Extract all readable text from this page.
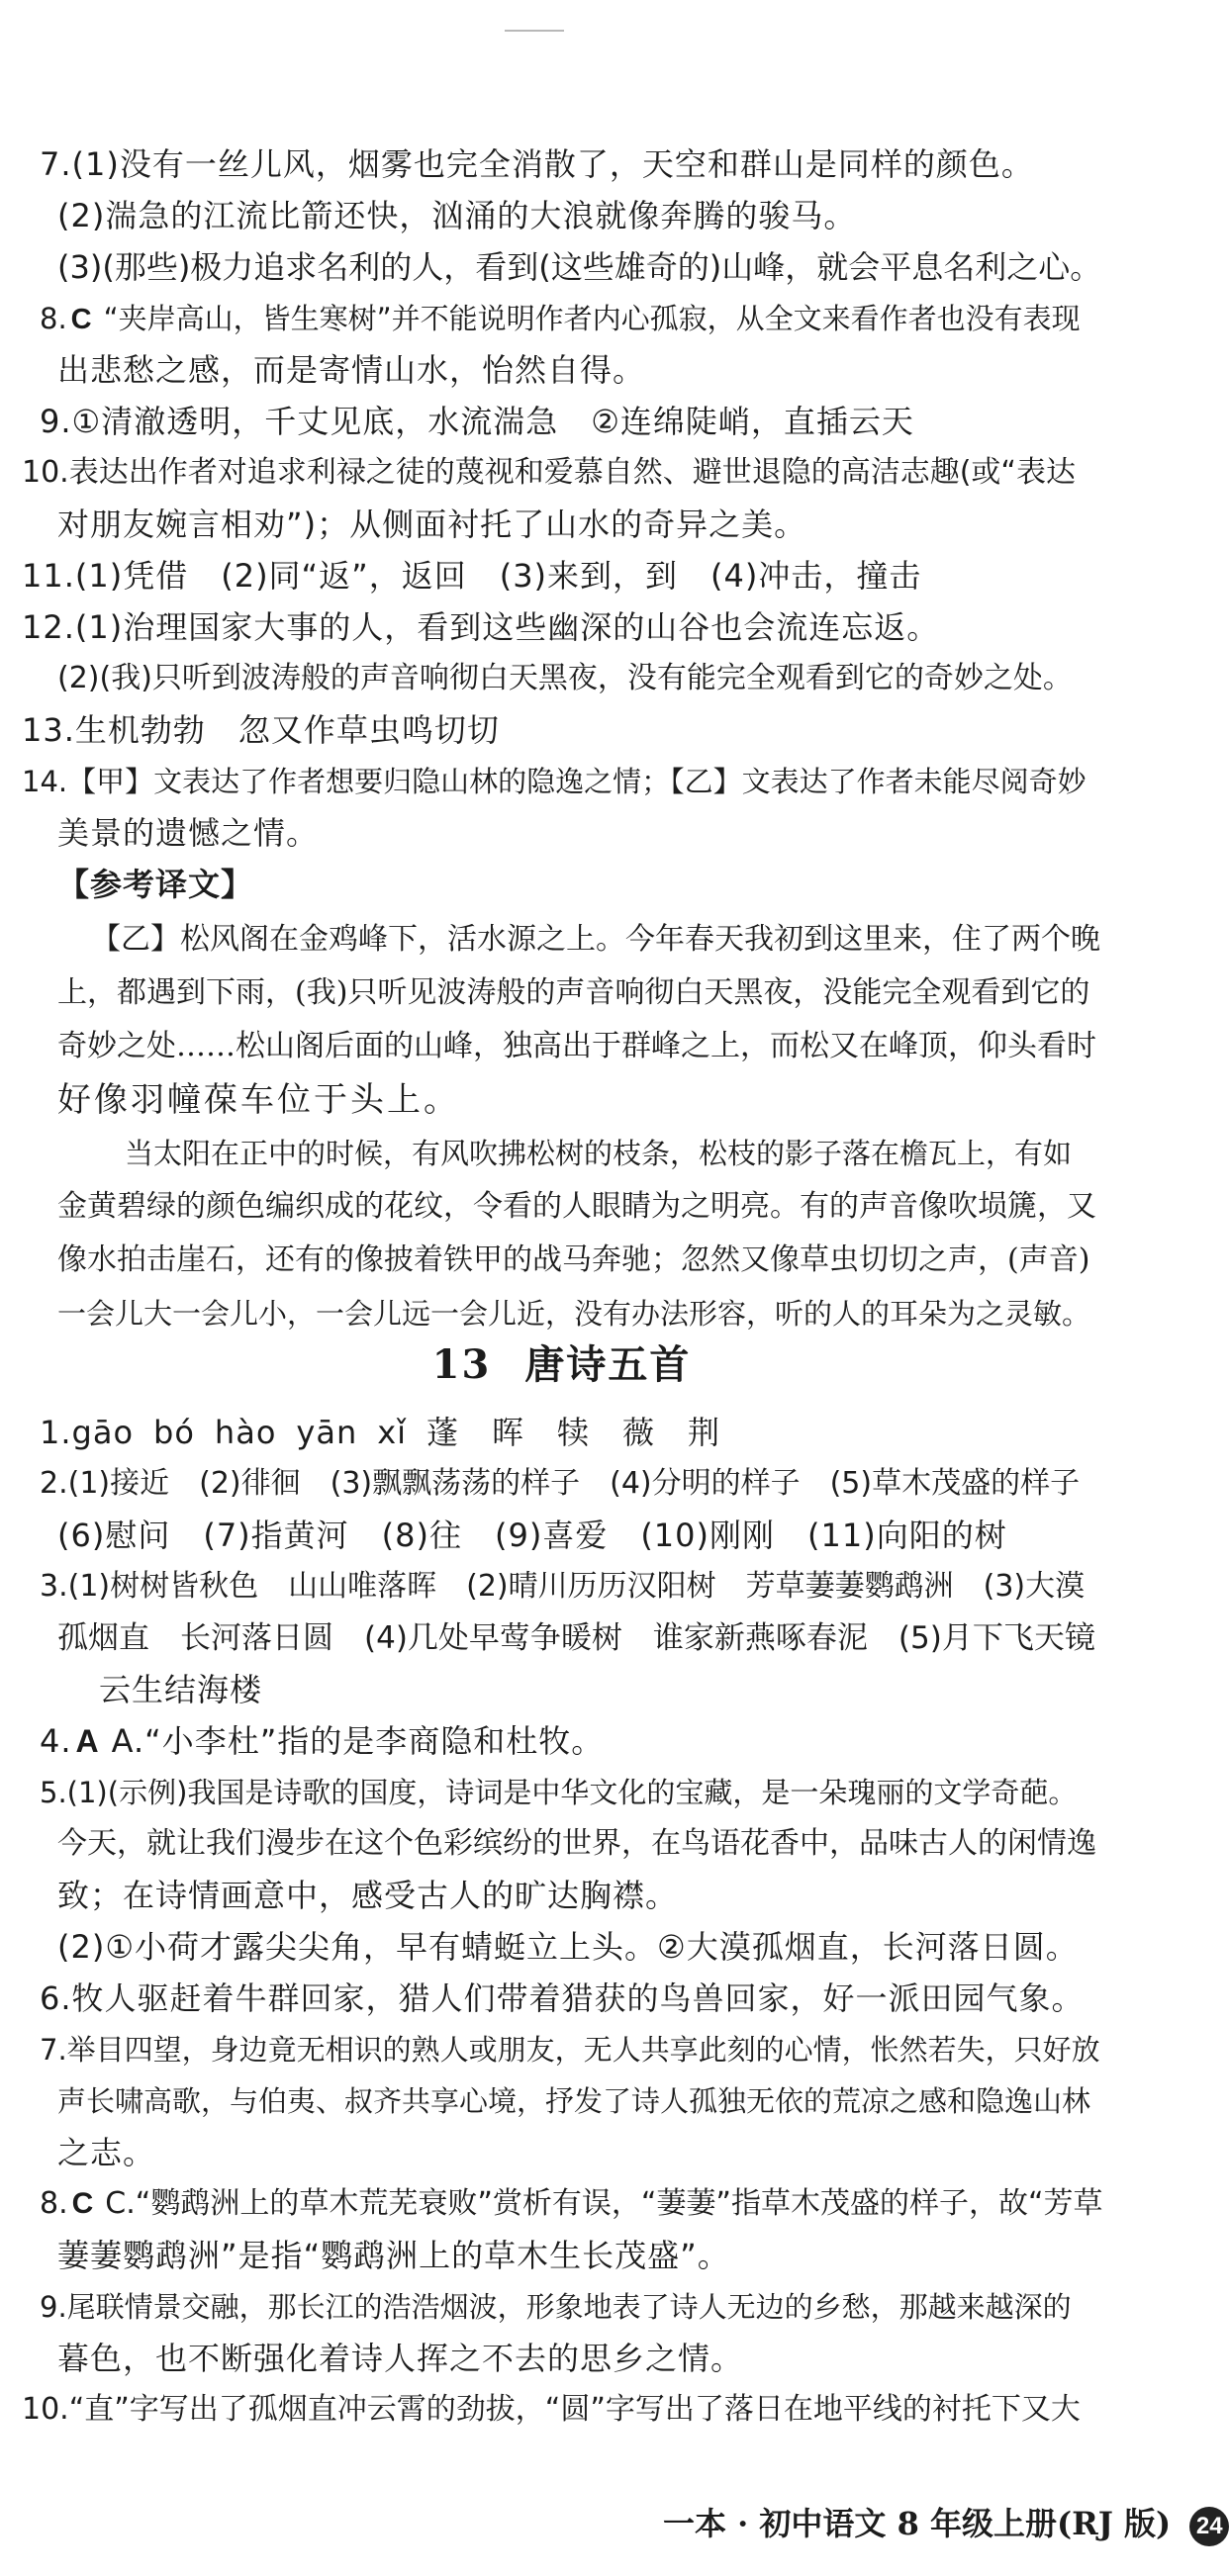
7.(1)没有一丝儿风，烟雾也完全消散了，天空和群山是同样的颜色。
(2)湍急的江流比箭还快，汹涌的大浪就像奔腾的骏马。
(3)(那些)极力追求名利的人，看到(这些雄奇的)山峰，就会平息名利之心。
8. C “夹岸高山，皆生寒树”并不能说明作者内心孤寂，从全文来看作者也没有表现
出悲愁之感，而是寄情山水，怡然自得。
9.①清澈透明，千丈见底，水流湍急　②连绵陡峭，直插云天
10.表达出作者对追求利禄之徒的蔑视和爱慕自然、避世退隐的高洁志趣(或“表达
对朋友婉言相劝”)；从侧面衬托了山水的奇异之美。
11.(1)凭借　(2)同“返”，返回　(3)来到，到　(4)冲击，撞击
12.(1)治理国家大事的人，看到这些幽深的山谷也会流连忘返。
(2)(我)只听到波涛般的声音响彻白天黑夜，没有能完全观看到它的奇妙之处。
13.生机勃勃　忽又作草虫鸣切切
14.【甲】文表达了作者想要归隐山林的隐逸之情；【乙】文表达了作者未能尽阅奇妙
美景的遗憾之情。
【参考译文】
【乙】松风阁在金鸡峰下，活水源之上。今年春天我初到这里来，住了两个晚
上，都遇到下雨，(我)只听见波涛般的声音响彻白天黑夜，没能完全观看到它的
奇妙之处……松山阁后面的山峰，独高出于群峰之上，而松又在峰顶，仰头看时
好像羽幢葆车位于头上。
当太阳在正中的时候，有风吹拂松树的枝条，松枝的影子落在檐瓦上，有如
金黄碧绿的颜色编织成的花纹，令看的人眼睛为之明亮。有的声音像吹埙篪，又
像水拍击崖石，还有的像披着铁甲的战马奔驰；忽然又像草虫切切之声，(声音)
一会儿大一会儿小，一会儿远一会儿近，没有办法形容，听的人的耳朵为之灵敏。
13 唐诗五首
1.gāo bó hào yān xǐ 蓬　晖　犊　薇　荆
2.(1)接近　(2)徘徊　(3)飘飘荡荡的样子　(4)分明的样子　(5)草木茂盛的样子
(6)慰问　(7)指黄河　(8)往　(9)喜爱　(10)刚刚　(11)向阳的树
3.(1)树树皆秋色　山山唯落晖　(2)晴川历历汉阳树　芳草萋萋鹦鹉洲　(3)大漠
孤烟直　长河落日圆　(4)几处早莺争暖树　谁家新燕啄春泥　(5)月下飞天镜
云生结海楼
4. A A.“小李杜”指的是李商隐和杜牧。
5.(1)(示例)我国是诗歌的国度，诗词是中华文化的宝藏，是一朵瑰丽的文学奇葩。
今天，就让我们漫步在这个色彩缤纷的世界，在鸟语花香中，品味古人的闲情逸
致；在诗情画意中，感受古人的旷达胸襟。
(2)①小荷才露尖尖角，早有蜻蜓立上头。②大漠孤烟直，长河落日圆。
6.牧人驱赶着牛群回家，猎人们带着猎获的鸟兽回家，好一派田园气象。
7.举目四望，身边竟无相识的熟人或朋友，无人共享此刻的心情，怅然若失，只好放
声长啸高歌，与伯夷、叔齐共享心境，抒发了诗人孤独无依的荒凉之感和隐逸山林
之志。
8. C C.“鹦鹉洲上的草木荒芜衰败”赏析有误，“萋萋”指草木茂盛的样子，故“芳草
萋萋鹦鹉洲”是指“鹦鹉洲上的草木生长茂盛”。
9.尾联情景交融，那长江的浩浩烟波，形象地表了诗人无边的乡愁，那越来越深的
暮色，也不断强化着诗人挥之不去的思乡之情。
10.“直”字写出了孤烟直冲云霄的劲拔，“圆”字写出了落日在地平线的衬托下又大
一本 · 初中语文 8 年级上册(RJ 版) 24
